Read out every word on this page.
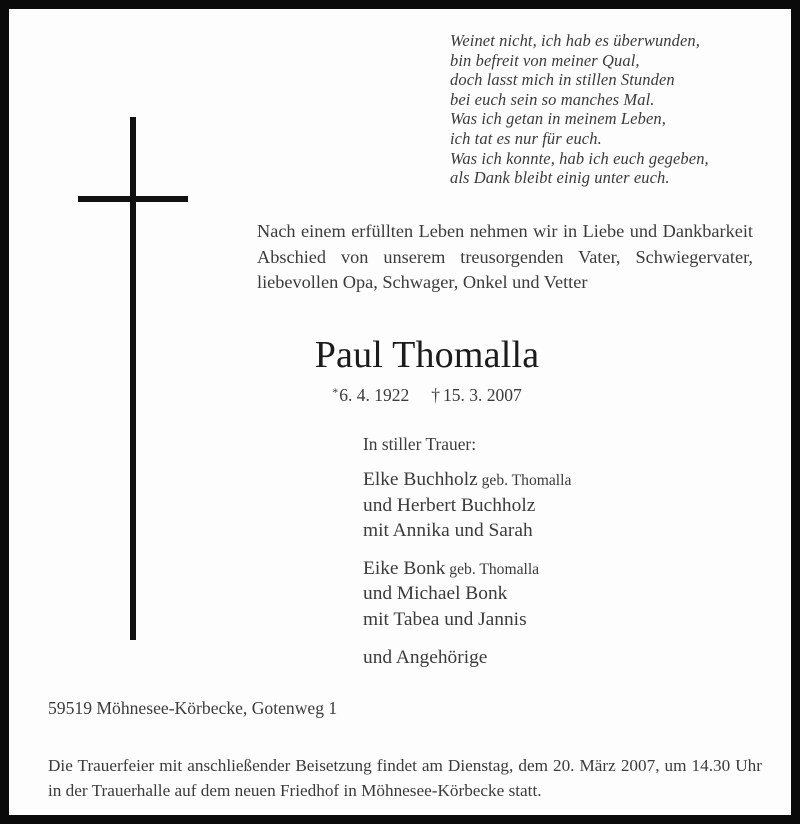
Weinet nicht, ich hab es überwunden,
bin befreit von meiner Qual,
doch lasst mich in stillen Stunden
bei euch sein so manches Mal.
Was ich getan in meinem Leben,
ich tat es nur für euch.
Was ich konnte, hab ich euch gegeben,
als Dank bleibt einig unter euch.
Nach einem erfüllten Leben nehmen wir in Liebe und Dankbarkeit Abschied von unserem treusorgenden Vater, Schwiegervater, liebevollen Opa, Schwager, Onkel und Vetter
Paul Thomalla
*6. 4. 1922 † 15. 3. 2007
In stiller Trauer:
Elke Buchholz geb. Thomalla
und Herbert Buchholz
mit Annika und Sarah
Eike Bonk geb. Thomalla
und Michael Bonk
mit Tabea und Jannis
und Angehörige
59519 Möhnesee-Körbecke, Gotenweg 1
Die Trauerfeier mit anschließender Beisetzung findet am Dienstag, dem 20. März 2007, um 14.30 Uhr in der Trauerhalle auf dem neuen Friedhof in Möhnesee-Körbecke statt.
